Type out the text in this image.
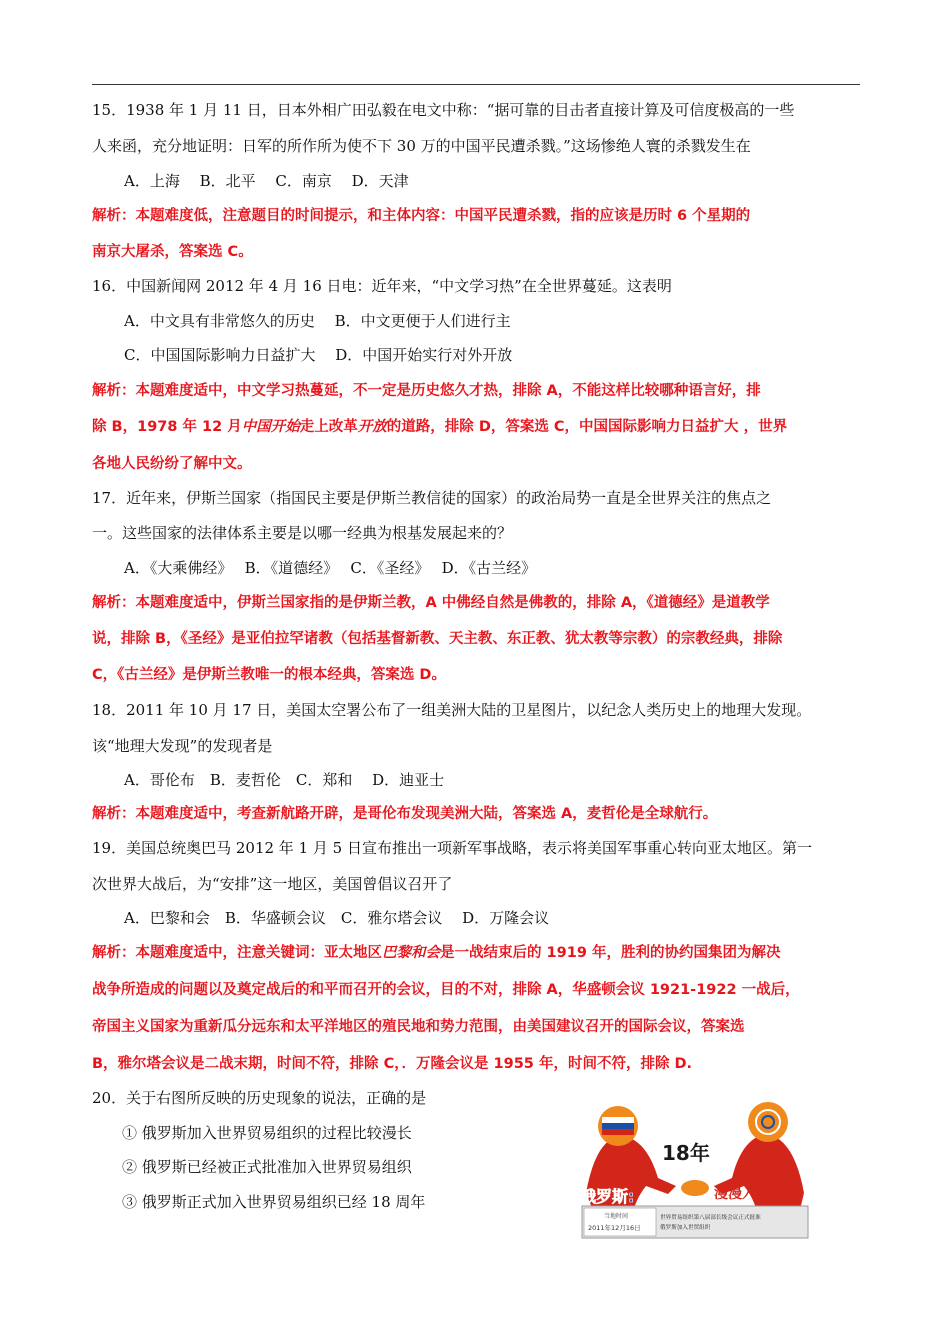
15．1938 年 1 月 11 日，日本外相广田弘毅在电文中称：“据可靠的目击者直接计算及可信度极高的一些
人来函，充分地证明：日军的所作所为使不下 30 万的中国平民遭杀戮。”这场惨绝人寰的杀戮发生在
A．上海　 B．北平　 C．南京　 D．天津
解析：本题难度低，注意题目的时间提示，和主体内容：中国平民遭杀戮，指的应该是历时 6 个星期的
南京大屠杀，答案选 C。
16．中国新闻网 2012 年 4 月 16 日电：近年来，“中文学习热”在全世界蔓延。这表明
A．中文具有非常悠久的历史　 B．中文更便于人们进行主
C．中国国际影响力日益扩大　 D．中国开始实行对外开放
解析：本题难度适中，中文学习热蔓延，不一定是历史悠久才热，排除 A，不能这样比较哪种语言好，排
除 B，1978 年 12 月中国开始走上改革开放的道路，排除 D，答案选 C，中国国际影响力日益扩大 ，世界
各地人民纷纷了解中文。
17．近年来，伊斯兰国家（指国民主要是伊斯兰教信徒的国家）的政治局势一直是全世界关注的焦点之
一。这些国家的法律体系主要是以哪一经典为根基发展起来的？
A．《大乘佛经》　 B．《道德经》　 C．《圣经》　 D．《古兰经》
解析：本题难度适中，伊斯兰国家指的是伊斯兰教，A 中佛经自然是佛教的，排除 A，《道德经》是道教学
说，排除 B，《圣经》是亚伯拉罕诸教（包括基督新教、天主教、东正教、犹太教等宗教）的宗教经典，排除
C，《古兰经》是伊斯兰教唯一的根本经典，答案选 D。
18．2011 年 10 月 17 日，美国太空署公布了一组美洲大陆的卫星图片，以纪念人类历史上的地理大发现。
该“地理大发现”的发现者是
A．哥伦布　B．麦哲伦　C．郑和　 D．迪亚士
解析：本题难度适中，考查新航路开辟，是哥伦布发现美洲大陆，答案选 A，麦哲伦是全球航行。
19．美国总统奥巴马 2012 年 1 月 5 日宣布推出一项新军事战略，表示将美国军事重心转向亚太地区。第一
次世界大战后，为“安排”这一地区，美国曾倡议召开了
A．巴黎和会　B．华盛顿会议　C．雅尔塔会议　 D．万隆会议
解析：本题难度适中，注意关键词：亚太地区巴黎和会是一战结束后的 1919 年，胜利的协约国集团为解决
战争所造成的问题以及奠定战后的和平而召开的会议，目的不对，排除 A，华盛顿会议 1921-1922 一战后，
帝国主义国家为重新瓜分远东和太平洋地区的殖民地和势力范围，由美国建议召开的国际会议，答案选
B，雅尔塔会议是二战末期，时间不符，排除 C，．万隆会议是 1955 年，时间不符，排除 D.
20．关于右图所反映的历史现象的说法，正确的是
① 俄罗斯加入世界贸易组织的过程比较漫长
② 俄罗斯已经被正式批准加入世界贸易组织
③ 俄罗斯正式加入世界贸易组织已经 18 周年
18年
俄罗斯:	漫漫入世路
当地时间
2011年12月16日
世界贸易组织第八届部长级会议正式批准
俄罗斯加入世贸组织
